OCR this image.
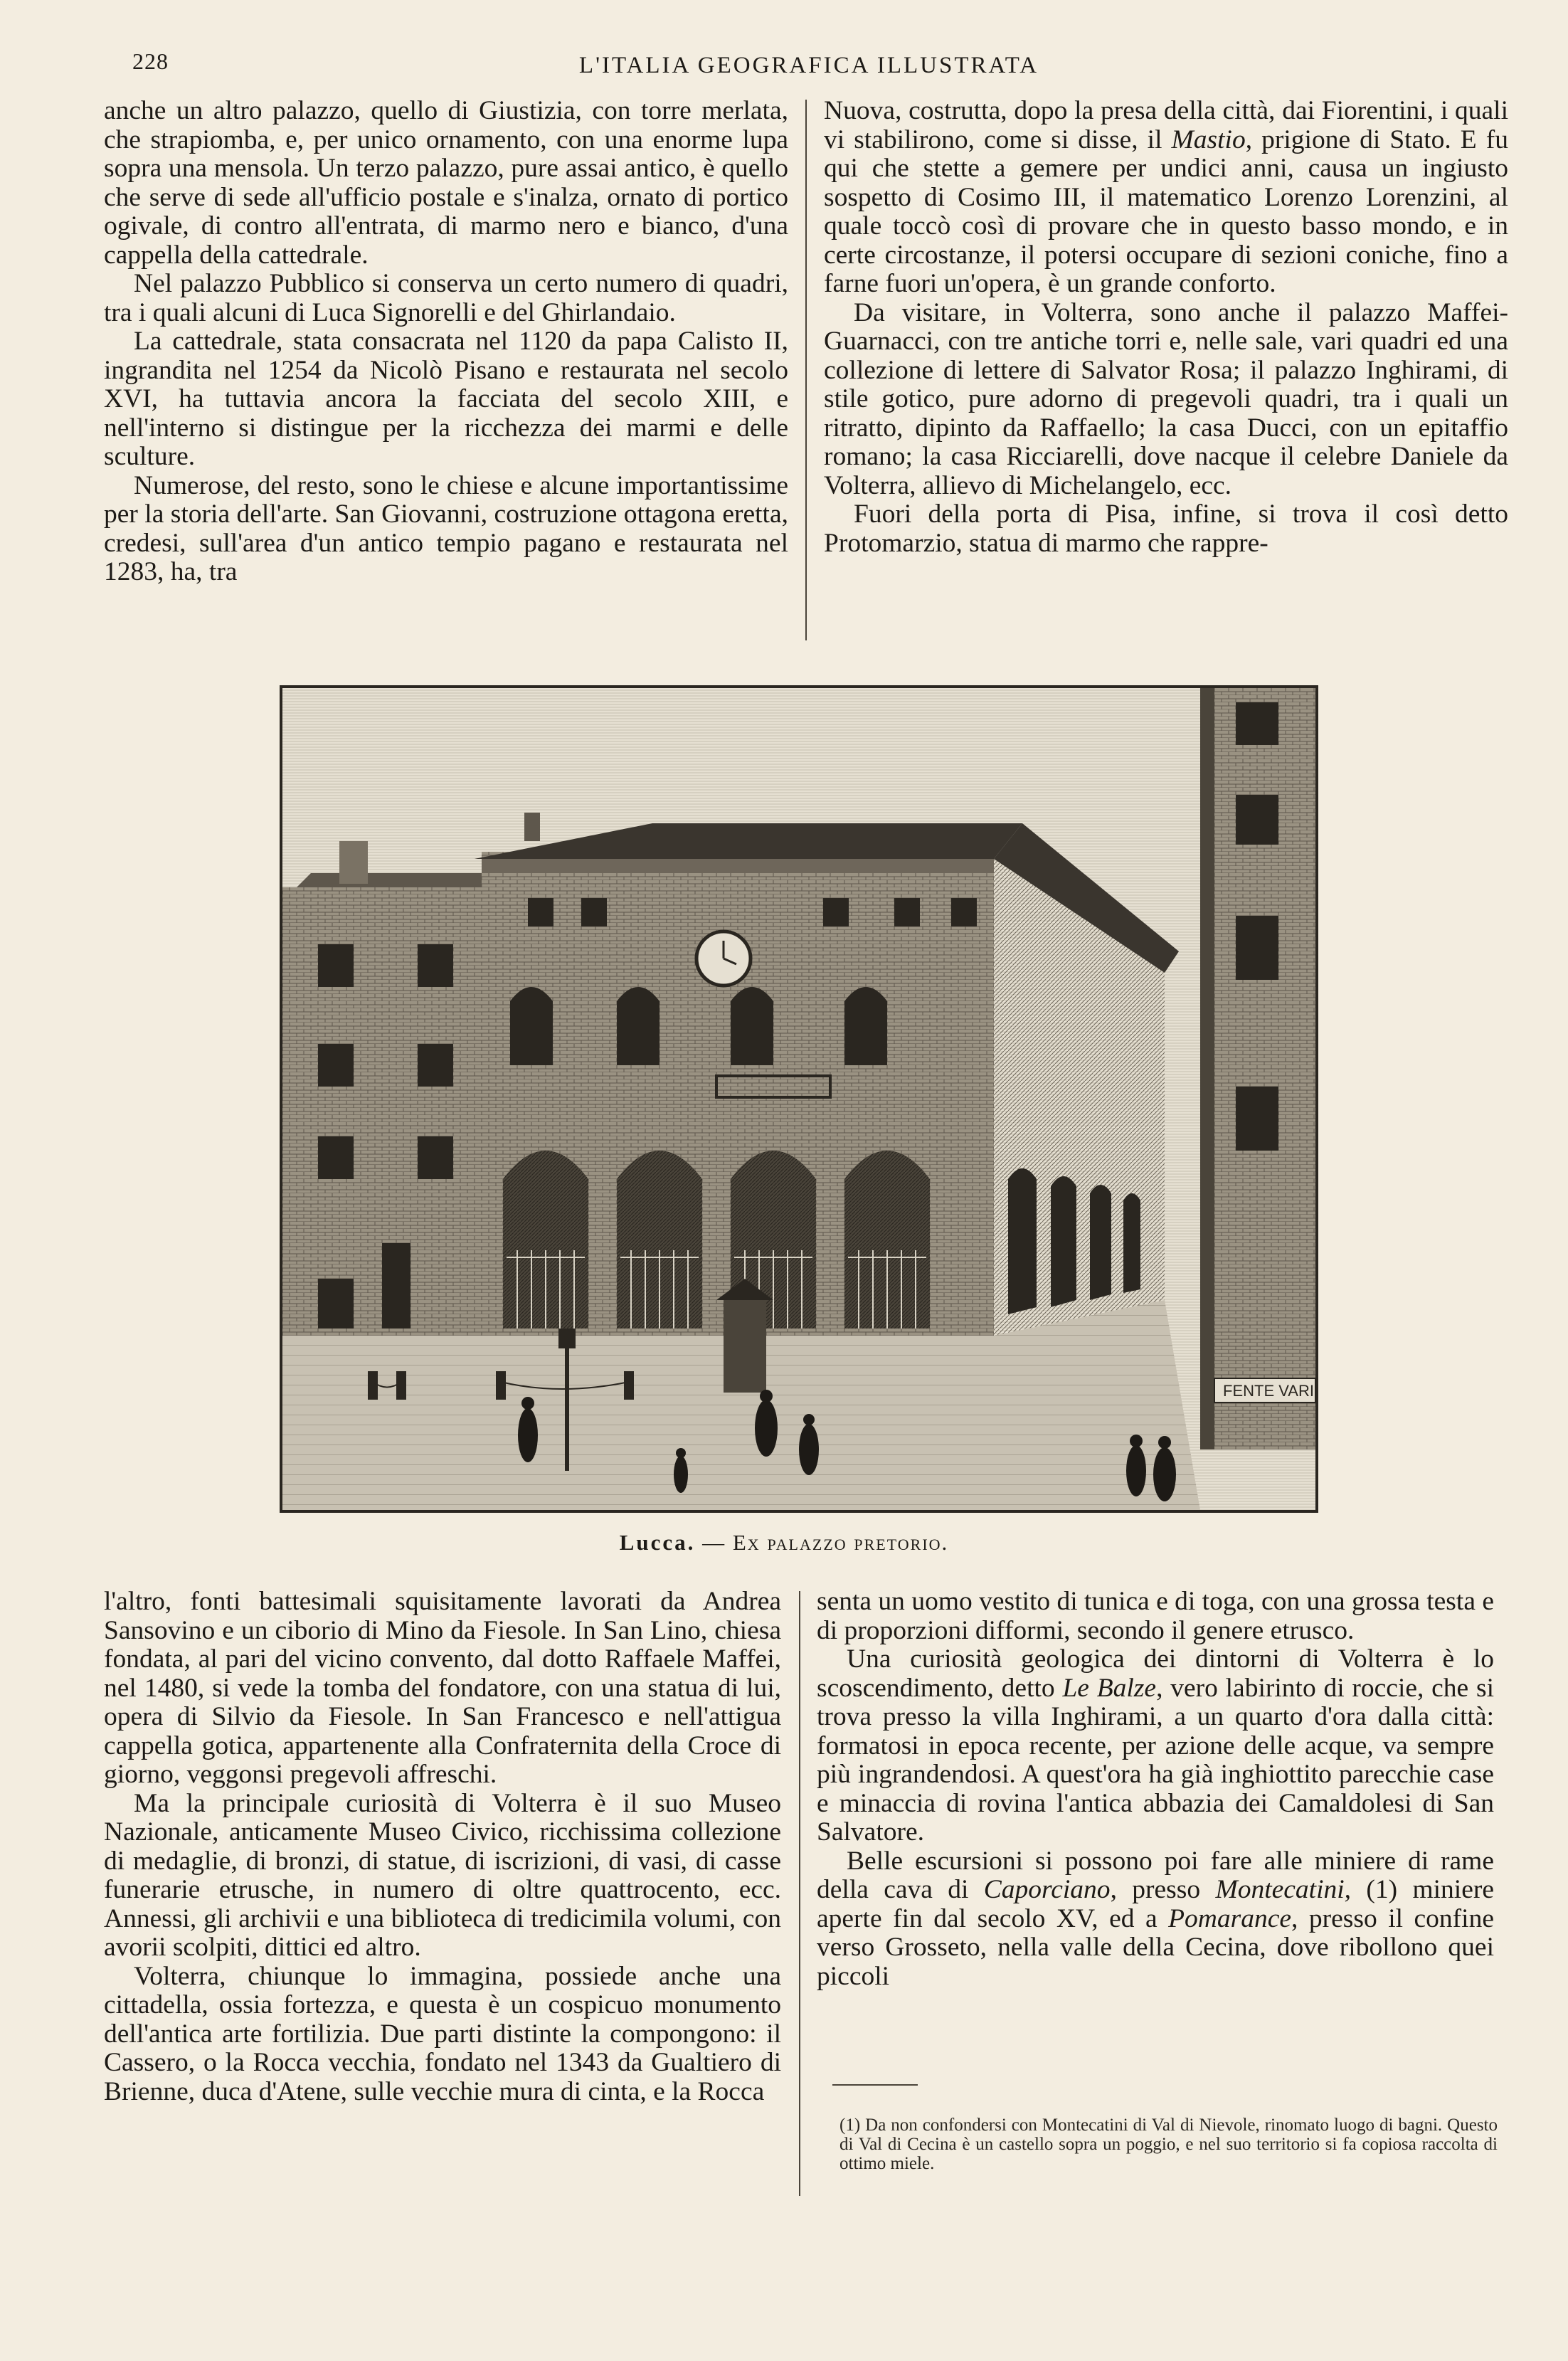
228	L'ITALIA GEOGRAFICA ILLUSTRATA

anche un altro palazzo, quello di Giustizia, con torre merlata, che strapiomba, e, per unico ornamento, con una enorme lupa sopra una mensola. Un terzo palazzo, pure assai antico, è quello che serve di sede all'ufficio postale e s'inalza, ornato di portico ogivale, di contro all'entrata, di marmo nero e bianco, d'una cappella della cattedrale.

Nel palazzo Pubblico si conserva un certo numero di quadri, tra i quali alcuni di Luca Signorelli e del Ghirlandaio.

La cattedrale, stata consacrata nel 1120 da papa Calisto II, ingrandita nel 1254 da Nicolò Pisano e restaurata nel secolo XVI, ha tuttavia ancora la facciata del secolo XIII, e nell'interno si distingue per la ricchezza dei marmi e delle sculture.

Numerose, del resto, sono le chiese e alcune importantissime per la storia dell'arte. San Giovanni, costruzione ottagona eretta, credesi, sull'area d'un antico tempio pagano e restaurata nel 1283, ha, tra

Nuova, costrutta, dopo la presa della città, dai Fiorentini, i quali vi stabilirono, come si disse, il Mastio, prigione di Stato. E fu qui che stette a gemere per undici anni, causa un ingiusto sospetto di Cosimo III, il matematico Lorenzo Lorenzini, al quale toccò così di provare che in questo basso mondo, e in certe circostanze, il potersi occupare di sezioni coniche, fino a farne fuori un'opera, è un grande conforto.

Da visitare, in Volterra, sono anche il palazzo Maffei-Guarnacci, con tre antiche torri e, nelle sale, vari quadri ed una collezione di lettere di Salvator Rosa; il palazzo Inghirami, di stile gotico, pure adorno di pregevoli quadri, tra i quali un ritratto, dipinto da Raffaello; la casa Ducci, con un epitaffio romano; la casa Ricciarelli, dove nacque il celebre Daniele da Volterra, allievo di Michelangelo, ecc.

Fuori della porta di Pisa, infine, si trova il così detto Protomarzio, statua di marmo che rappre-

FENTE VARI
Lucca. — Ex palazzo pretorio.

l'altro, fonti battesimali squisitamente lavorati da Andrea Sansovino e un ciborio di Mino da Fiesole. In San Lino, chiesa fondata, al pari del vicino convento, dal dotto Raffaele Maffei, nel 1480, si vede la tomba del fondatore, con una statua di lui, opera di Silvio da Fiesole. In San Francesco e nell'attigua cappella gotica, appartenente alla Confraternita della Croce di giorno, veggonsi pregevoli affreschi.

Ma la principale curiosità di Volterra è il suo Museo Nazionale, anticamente Museo Civico, ricchissima collezione di medaglie, di bronzi, di statue, di iscrizioni, di vasi, di casse funerarie etrusche, in numero di oltre quattrocento, ecc. Annessi, gli archivii e una biblioteca di tredicimila volumi, con avorii scolpiti, dittici ed altro.

Volterra, chiunque lo immagina, possiede anche una cittadella, ossia fortezza, e questa è un cospicuo monumento dell'antica arte fortilizia. Due parti distinte la compongono: il Cassero, o la Rocca vecchia, fondato nel 1343 da Gualtiero di Brienne, duca d'Atene, sulle vecchie mura di cinta, e la Rocca

senta un uomo vestito di tunica e di toga, con una grossa testa e di proporzioni difformi, secondo il genere etrusco.

Una curiosità geologica dei dintorni di Volterra è lo scoscendimento, detto Le Balze, vero labirinto di roccie, che si trova presso la villa Inghirami, a un quarto d'ora dalla città: formatosi in epoca recente, per azione delle acque, va sempre più ingrandendosi. A quest'ora ha già inghiottito parecchie case e minaccia di rovina l'antica abbazia dei Camaldolesi di San Salvatore.

Belle escursioni si possono poi fare alle miniere di rame della cava di Caporciano, presso Montecatini, (1) miniere aperte fin dal secolo XV, ed a Pomarance, presso il confine verso Grosseto, nella valle della Cecina, dove ribollono quei piccoli

(1) Da non confondersi con Montecatini di Val di Nievole, rinomato luogo di bagni. Questo di Val di Cecina è un castello sopra un poggio, e nel suo territorio si fa copiosa raccolta di ottimo miele.
